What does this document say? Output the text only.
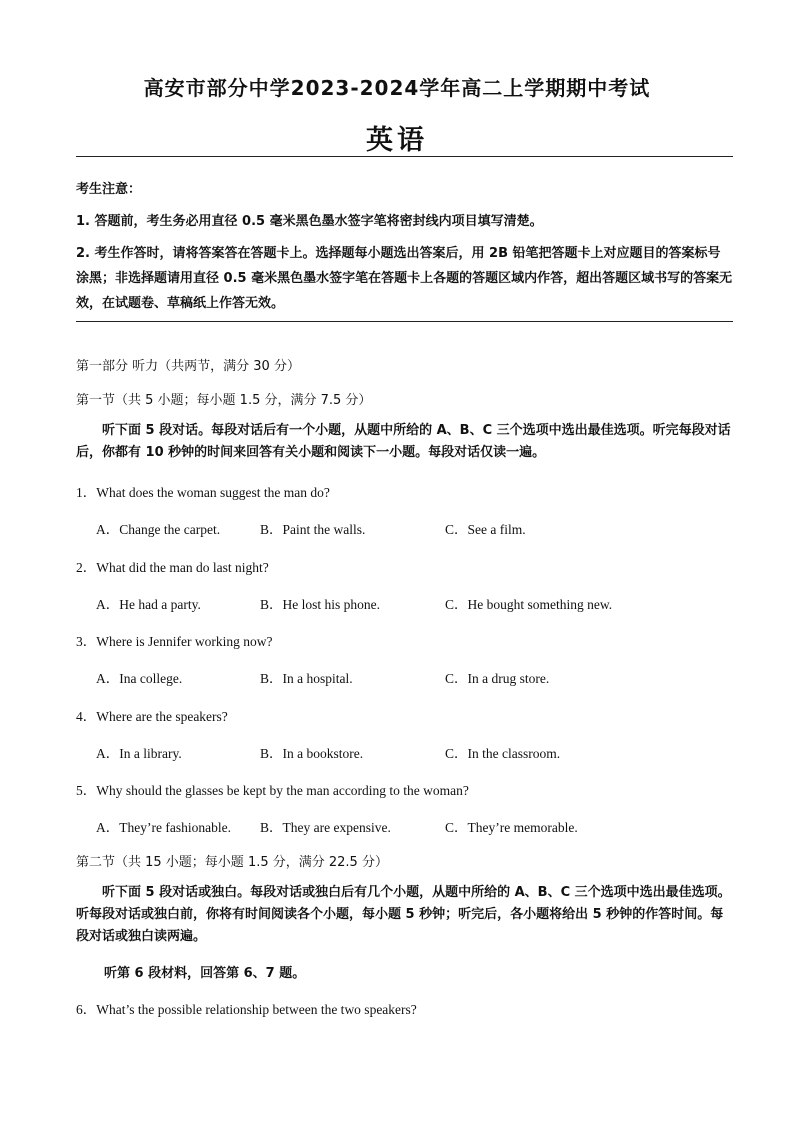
高安市部分中学2023-2024学年高二上学期期中考试
英语
考生注意：
1. 答题前，考生务必用直径 0.5 毫米黑色墨水签字笔将密封线内项目填写清楚。
2. 考生作答时，请将答案答在答题卡上。选择题每小题选出答案后，用 2B 铅笔把答题卡上对应题目的答案标号涂黑；非选择题请用直径 0.5 毫米黑色墨水签字笔在答题卡上各题的答题区域内作答，超出答题区域书写的答案无效，在试题卷、草稿纸上作答无效。
第一部分 听力（共两节，满分 30 分）
第一节（共 5 小题；每小题 1.5 分，满分 7.5 分）
听下面 5 段对话。每段对话后有一个小题，从题中所给的 A、B、C 三个选项中选出最佳选项。听完每段对话后，你都有 10 秒钟的时间来回答有关小题和阅读下一小题。每段对话仅读一遍。
1．What does the woman suggest the man do?
A．Change the carpet.	B．Paint the walls.	C．See a film.
2．What did the man do last night?
A．He had a party.	B．He lost his phone.	C．He bought something new.
3．Where is Jennifer working now?
A．Ina college.	B．In a hospital.	C．In a drug store.
4．Where are the speakers?
A．In a library.	B．In a bookstore.	C．In the classroom.
5．Why should the glasses be kept by the man according to the woman?
A．They’re fashionable. B．They are expensive.	C．They’re memorable.
第二节（共 15 小题；每小题 1.5 分，满分 22.5 分）
听下面 5 段对话或独白。每段对话或独白后有几个小题，从题中所给的 A、B、C 三个选项中选出最佳选项。听每段对话或独白前，你将有时间阅读各个小题，每小题 5 秒钟；听完后，各小题将给出 5 秒钟的作答时间。每段对话或独白读两遍。
听第 6 段材料，回答第 6、7 题。
6．What’s the possible relationship between the two speakers?
